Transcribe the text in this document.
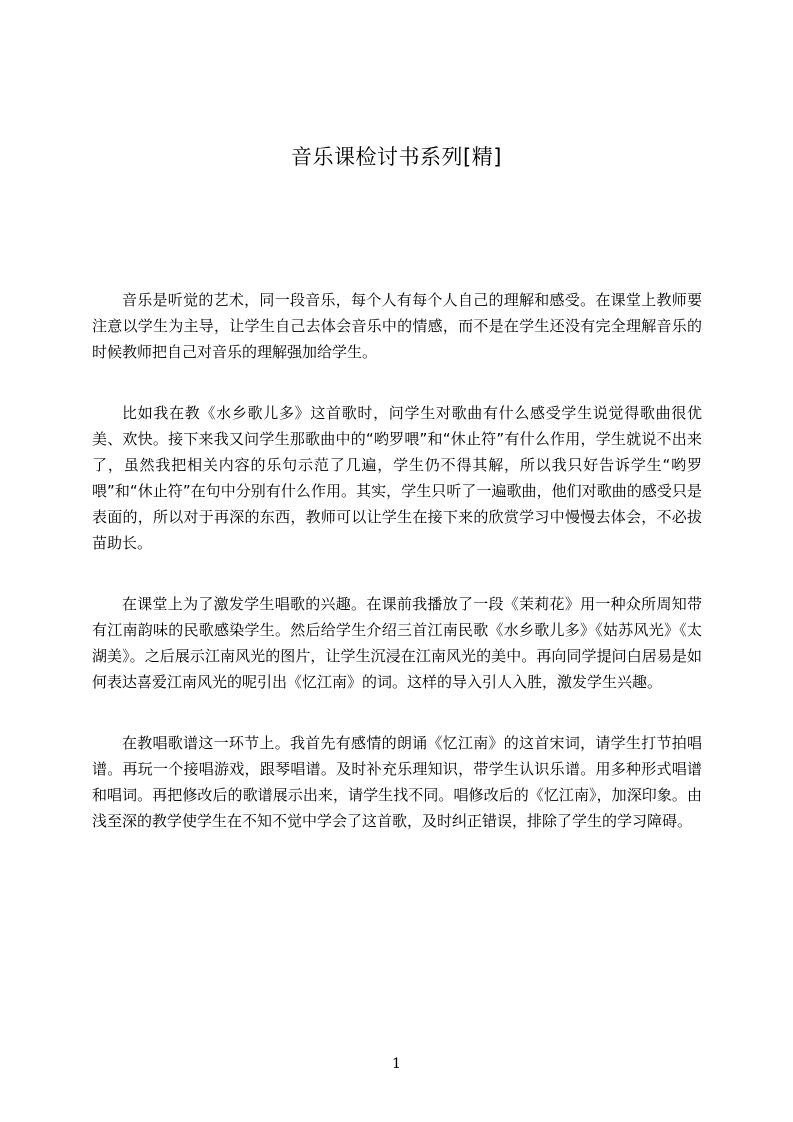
音乐课检讨书系列[精]

音乐是听觉的艺术，同一段音乐，每个人有每个人自己的理解和感受。在课堂上教师要注意以学生为主导，让学生自己去体会音乐中的情感，而不是在学生还没有完全理解音乐的时候教师把自己对音乐的理解强加给学生。

比如我在教《水乡歌儿多》这首歌时，问学生对歌曲有什么感受学生说觉得歌曲很优美、欢快。接下来我又问学生那歌曲中的“哟罗喂”和“休止符”有什么作用，学生就说不出来了，虽然我把相关内容的乐句示范了几遍，学生仍不得其解，所以我只好告诉学生“哟罗喂”和“休止符”在句中分别有什么作用。其实，学生只听了一遍歌曲，他们对歌曲的感受只是表面的，所以对于再深的东西，教师可以让学生在接下来的欣赏学习中慢慢去体会，不必拔苗助长。

在课堂上为了激发学生唱歌的兴趣。在课前我播放了一段《茉莉花》用一种众所周知带有江南韵味的民歌感染学生。然后给学生介绍三首江南民歌《水乡歌儿多》《姑苏风光》《太湖美》。之后展示江南风光的图片，让学生沉浸在江南风光的美中。再向同学提问白居易是如何表达喜爱江南风光的呢引出《忆江南》的词。这样的导入引人入胜，激发学生兴趣。

在教唱歌谱这一环节上。我首先有感情的朗诵《忆江南》的这首宋词，请学生打节拍唱谱。再玩一个接唱游戏，跟琴唱谱。及时补充乐理知识，带学生认识乐谱。用多种形式唱谱和唱词。再把修改后的歌谱展示出来，请学生找不同。唱修改后的《忆江南》，加深印象。由浅至深的教学使学生在不知不觉中学会了这首歌，及时纠正错误，排除了学生的学习障碍。

1
